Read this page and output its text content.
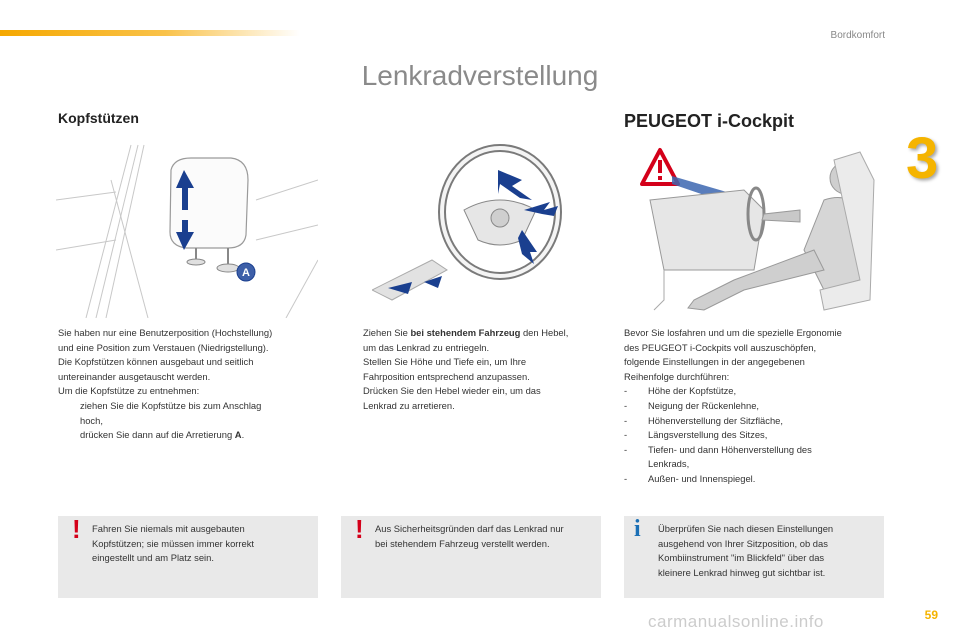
Bordkomfort
3
Lenkradverstellung
Kopfstützen	PEUGEOT i-Cockpit
A

Sie haben nur eine Benutzerposition (Hochstellung)

und eine Position zum Verstauen (Niedrigstellung).

Die Kopfstützen können ausgebaut und seitlich

untereinander ausgetauscht werden.

Um die Kopfstütze zu entnehmen:

ziehen Sie die Kopfstütze bis zum Anschlag
hoch,

drücken Sie dann auf die Arretierung A.

Ziehen Sie bei stehendem Fahrzeug den Hebel,
um das Lenkrad zu entriegeln.

Stellen Sie Höhe und Tiefe ein, um Ihre
Fahrposition entsprechend anzupassen.

Drücken Sie den Hebel wieder ein, um das
Lenkrad zu arretieren.

Bevor Sie losfahren und um die spezielle Ergonomie

des PEUGEOT i-Cockpits voll auszuschöpfen,

folgende Einstellungen in der angegebenen

Reihenfolge durchführen:

- Höhe der Kopfstütze,

- Neigung der Rückenlehne,

- Höhenverstellung der Sitzfläche,

- Längsverstellung des Sitzes,

- Tiefen- und dann Höhenverstellung des
Lenkrads,

- Außen- und Innenspiegel.

! Fahren Sie niemals mit ausgebauten
Kopfstützen; sie müssen immer korrekt
eingestellt und am Platz sein.
! Aus Sicherheitsgründen darf das Lenkrad nur
bei stehendem Fahrzeug verstellt werden.
i Überprüfen Sie nach diesen Einstellungen
ausgehend von Ihrer Sitzposition, ob das
Kombiinstrument "im Blickfeld" über das
kleinere Lenkrad hinweg gut sichtbar ist.
carmanualsonline.info	59
